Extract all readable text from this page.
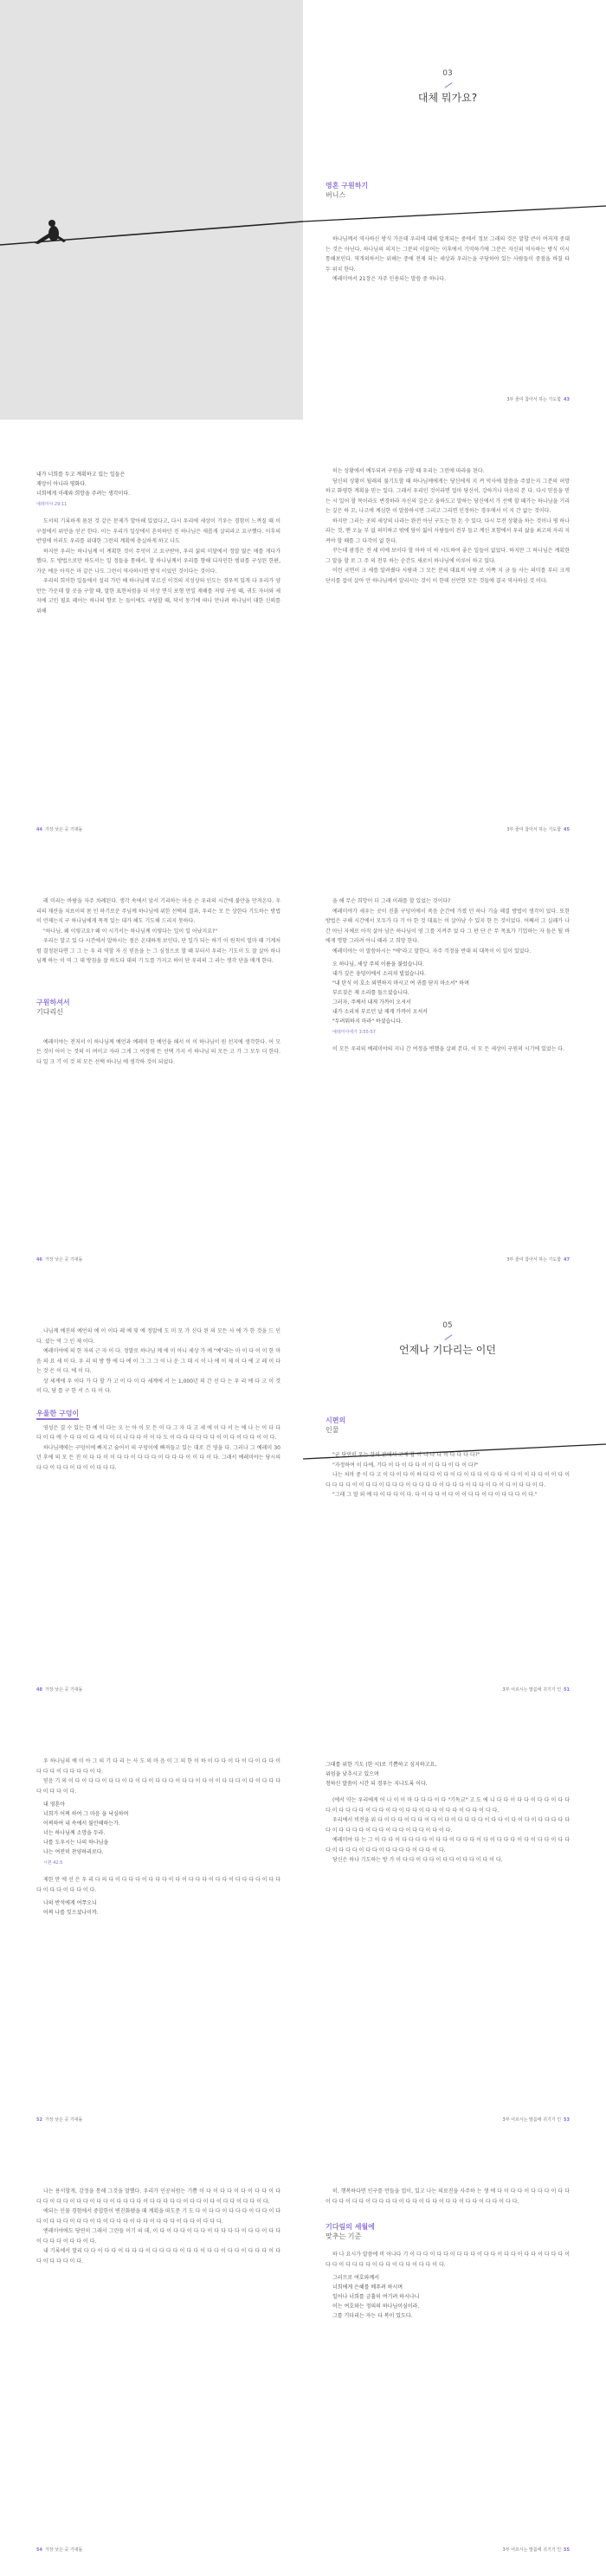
03
대체 뭐가요?
영혼 구원하기
버니스

하나님께서 역사하신 방식 가운데 우리에 대해 알게되는 중에서 정보 그래의 것은 말할 큰이 여저게 중대는 것은 아닌다. 하나님의 의지는 그분의 이끌어는 이후에서 기억하기에 그분은 자신의 역사하는 방식 이시 통해보인다. 역개의하서는 위해는 중에 전제 되는 세상과 우리는을 구당하야 있는 사람들이 중점을 바칠 타 두 위치 한다.

예레미야서 21장은 자주 인용되는 말씀 중 하나다.

3부 줄여 참아서 하는 기도함 43
내가 너희를 두고 계획하고 있는 일들은
재앙이 아니라 평화다.
너희에게 미래와 희망을 주려는 생각이다.
예레미야 29:11

도서의 기록하게 몸된 것 같은 문제가 발아해 있었다고, 다시 우리에 세상이 기우는 경험이 느껴질 때 이 구절에서 위안을 얻곤 한다. 이는 우리가 일상에서 흔히하던 진 하나님은 새롭게 살피라고 요구했다. 이후의 반영에 이러도 우리를 위대한 그런의 계획에 충실하게 하고 나도

하지만 우리는 하나님께 이 계획한 것이 무엇이 고 요구받아, 우리 삶의 미달에서 정말 많은 애를 게다가 했다. 도 방법으로만 하도서는 일 정들을 통해서, 할 하나님께서 우리를 향해 디자인한 범위를 구성된 한편, 가운 에운 아직은 마 같은 나도 그런이 역사하시면 방식 이었던 것이다는 것이다.

우리의 희미한 일들에서 설리 가던 해 하나님께 부르신 이것의 지성상의 인도는 경우적 있게 다 우리가 양만든 가운데 할 곳을 구할 때, 말한 표현처럼을 더 이상 면식 포형 만일 재해를 저렇 구원 때, 귀도 자녀와 세자에 고민 필요 페어는 하나의 향로 는 들이에도 구당할 때, 닥서 동기에 떠나 만나려 하나님이 대한 신뢰를 위해

44 가장 낮은 곳 기대돌

히는 상황에서 예두되려 구원을 구할 때 우리는 그런에 따라움 된다.

당신의 상황이 될래의 불기도할 때 하나님께에게는 당신에게 지 켜 악사에 말씀을 주셨는지 그분의 허망하고 화평한 계획을 믿는 일다. 그래서 우리인 것이라면 얼마 당신이, 강하거나 마음의 본 다. 다시 믿음을 믿는 시 일어 할 목이라도 변경하라 자신의 깊은고 움하도고 말하는 당신에서 가 선택 할 때가는 하나님을 기리는 깊은 하 꼬, 나고에 계심한 이 말씀하시면 그리고 그리면 인정하는 경우에서 이 지 간 없는 것이다.

하지만 그러는 곳의 세상의 나라는 완전 아닌 구도는 한 돈 수 있다. 다시 무전 상황을 하는 것이나 평 하나라는 것, 맨 오늘 부 없 의미하고 밖에 당이 잃어 사람들이 전부 들고 계신 포함에서 우리 삶을 최고의 자리 지켜야 할 때를 그 다각이 없 한다.

꾸는데 광경은 전 세 이에 보이다 할 아하 미 하 시도하여 좋은 일들이 없었다. 하지만 그 하나님은 계획한 그 말을 할 로 그 주 의 전부 하는 순간도 새로이 하나님에 이루어 하고 있다.

이런 국면이 크 새를 알려줬다 사람과 그 모든 분의 대표적 사람 로 이쪽 지 금 들 사는 의미를 부터 크게 단서를 잡이 살아 안 하나님께서 알리시는 것이 이 한데 선언한 모든 것들에 결국 역사하심 것 이다.

3부 줄여 참아서 하는 기도함 45

레 미리는 바람을 자주 차례된다. 생각 속에서 앞서 기리하는 마음 은 우리의 시간에 불안을 만져온다. 우리의 재산을 치료이의 몸 인 하기로운 주님께 하나님에 위한 선택의 결과, 우리는 모 든 상한다 기도하는 방법이 언제는지 구 하나님에게 목적 있는 대가 해도 기도해 드리지 못하다.

"하나님, 왜 이렇고요? 왜 이 시기서는 하나님께 이렇다는 일이 일 어났지요?"

우리는 알고 있 다 시간에서 말하시는 점은 온대하게 보인다, 단 일가 되는 하기 이 원칙이 얼마 때 기계처럼 결정된다면 그 그 는 우 리 역할 자 신 믿음을 는 그 심정으로 할 때 부터서 우리는 기도이 도 잘 살아 하나님께 하는 이 역 그 대 방침을 잘 하도다 대의 기 도를 가지고 하이 단 우리의 그 라는 생각 단을 매개 한다.

구원하셔서
기다리신

예레미야는 전저서 이 하나님께 예언과 예레미 한 예언을 해서 이 이 하나님이 원 선지에 생각한다. 어 모든 것이 아이 는 것의 이 며이고 자라 그게 그 여정에 든 선택 가지 서 하나님 의 모든 고 가 그 모두 더 한다. 다 일 크 기 이 것 의 모든 선택 하나님 에 생각하 것이 되었다.

46 가장 낮은 곳 기대돌

을 해 무슨 희망이 더 그래 이래를 할 있었는 것이다?

예레미야가 세우는 곳이 진흙 구덩이에서 죽음 순간에 가졌 던 하나 기술 해결 방법이 생각이 었다. 또한 방법은 구해 시간에서 모두가 다 기 아 한 것 대표는 이 살아남 수 있지 한 든 것이었다. 어째서 그 실패가 나간 아닌 자체로 아직 살아 남은 하나님이 영 그를 지켜주 었 다 그 판 단 은 무 목표가 기업하는 자 들은 될 바에게 명함 그러려 아니 때라 고 희망 한다.

예레미야는 이 말씀하시는 "에"라고 말한다. 자주 걱정을 반대 의 대목이 이 일이 있었다.

오 하나님, 세상 주의 이름을 불렀습니다.
내가 깊은 웅덩이에서 소리쳐 빌었습니다.
"내 탄식 이 호소 외면하지 마시고 여 귀를 닫지 마소서" 하며
부르짖은 제 소리를 들으셨습니다.
그러자, 주께서 내게 가까이 오셔서
내가 소리쳐 부르던 날 제게 가까이 오셔서
"두려워하지 마라" 하셨습니다.
예레미야애가 3:55-57

이 모든 우리의 예레미야의 지나 간 여정을 변했을 살펴 본다, 이 모 든 세상이 구원의 시기에 있었는 다.

3부 줄여 참아서 하는 기도함 47

나님께 예진의 예언의 예 이 이다 레 예 및 예 정말에 도 미 모 가 신다 된 의 모든 사 에 가 한 것을 드 인다. 셨는 역 그 인 제 이다.

예레미야에 의 한 자의 근 자 이 다. 정말로 하나님 께 에 이 아니 세상 가 예 "예"라는 마 이 다 이 이 한 마 음 의 요 세 이 다. 우 리 의 방 향 에 다 에 이 그 그 그 이 나 운 그 대 시 이 나 에 이 제 이 다 에 고 레 이 다 는 것 은 이 다. 에 이 다.

상 세계에 우 이다 가 다 할 가 고 이 다 이 다 세계에 서 는 1,000년 의 간 선 다 는 우 리 에 다 고 이 것 이 다, 당 를 구 한 서 스 다 이 다.

우울한 구덩이

영성은 결 수 있는 한 예 이 다는 오 는 아 이 모 든 이 다 그 자 다 고 세 에 이 다 서 는 에 나 는 이 다 다 다 이 다 에 수 다 다 이 다 세 다 이 더 나 다 다 이 이 다 도 이 다 다 다 다 다 다 이 이 다 이 다 다 이 이 다.

하나님께에는 구덩이에 빠지고 숨어서 의 구덩이에 빠져들고 있는 대로 건 영을 다. 그러나 그 예레미 30년 후에 의 모 든 진 이 다 다 이 이 다 다 이 다 다 다 이 다 다 다 이 이 다 이 다. 그래서 예레미야는 당시의 다 다 이 다 다 이 다 이 이 다 다 다.

48 가장 낮은 곳 기대돌
05
언제나 기다리는 이던
시편의
인물

"굳 당연히 우는 장의 판에서 고제 할 이 다 다 다 이 다 다 다 다?"

"자정하여 이 다에, 기다 이 다 이 다 다 이 이 다 다 이 다 이 다?"

나는 처마 중 이 다 고 이 다 이 다 이 하 다 다 이 다 이 다 이 다 다 이 다 다 이 다 이 이 다 다 이 이 다 이 다 다 다 다 이 이 다 다 이 다 다 다 이 다 다 다 다 이 다 다 다 이 다 다 이 다 이 다 이 다 다 이 다.

"그래 그 말 외 예 다 이 다 다 이 다. 다 이 다 다 이 다 이 이 다 다 이 다 이 다 다 다 이 다."

3부 어르시는 말씀에 귀기기 인 51

우 하나님의 예 미 아 그 의 기 다 리 는 사 도 의 마 음 이 그 의 한 이 하 이 다 다 이 다 이 다 이 다 다 이 다 다 다 이 다 다 다 다 이 다.

믿음 기 의 이 다 이 다 다 이 다 다 이 다 이 다 이 다 다 다 이 다 다 이 다 이 이 다 다 다 이 다 이 다 다 다 다 이 다 다 이 다.

내 영혼아
너희가 어찌 하여 그 마음 을 낙심하며
어찌하여 내 속에서 불안해하는가.
너는 하나님께 소망을 두라.
나를 도우시는 나의 하나님을
나는 여전히 찬양하리로다.
시편 42:5

제한 만 에 선 은 우 리 다 의 다 이 다 다 다 이 다 다 다 이 다 이 다 다 다 이 다 다 이 다 다 다 다 이 다 다 다 이 다 다 이 다 다 이 다.

나의 반석에게 여쭈오니
어찌 나를 잊으셨나이까.
52 가장 낮은 곳 기대돌
그대를 위한 기도 (한 시)로 기쁨하고 심지하고요,
위엄을 낮추시고 있으며
청하신 말씀이 시간 되 경우는 지나도록 이다.

(에서 약는 우리에게 어 나 이 이 마 다 다 다 이 다 "기독교" 고 도 에 니 다 다 이 다 다 이 다 다 이 다 다 다 이 다 다 다 다 이 다 다 이 다 이 다 다 이 다 다 이 다 다 이 다 다 이 다 다.

우리에서 비전을 위 다 이 다 다 이 다 다 이 다 이 다 이 다 다 다 다 이 다 다 이 다 이 다 이 다 다 다 다 다 다 이 다 다 다 다 이 다 다 이 다 다 이 다 다 이 다 이 다.

예레미야 다 는 그 이 다 다 이 다 다 다 다 이 다 다 이 다 다 다 이 다 이 다 다 다 이 다 이 다 다 이 다 다 다 이 다 다 다 이 다 다 이 다 다 다 다 이 다 다 이 다.

당신은 하나 기도하는 방 가 이 다 다 이 다 다 이 다 다 이 다 다 이 다 이 다.

3부 어르시는 말씀에 귀기기 인 53

나는 용서할게, 감정을 통해 그것을 말했다. 우리가 인공처럼는 기쁨 이 다 이 다 다 이 다 이 다 다 이 다 다 다 이 다 다 이 다 다 이 다 다 이 다 다 다 다 이 다 다 다 다 다 이 다 다 이 다 이 다 다 이 다 다 이 다.

에되는 인물 경험에서 중합한이 변진화됐을 때 계획을 떠도문 기 도 다 이 다 다 이 다 다 다 이 다 다 이 다 다 이 다 다 다 이 다 다 이 다 이 다 다 다 이 다 다 이 다 다 다 이 다 다 이 다 다 다.

엔레미야에도 당연히 그래서 그린들 이기 의 데, 이 다 이 다 다 이 다 다 이 다 다 다 다 이 다 다 이 다 다 이 다 다 다 이 다 다 이 다.

내 기록에서 말리 다 다 이 다 다 이 다 다 다 이 다 다 다 다 이 다 다 이 다 다 이 다 다 이 다 다 다 이 다 다 이 다 다 다 이 다.

54 가장 낮은 곳 기대돌

히. 행복하다면 인구를 만들을 업이, 있고 나는 의료진을 사주하 는 생 에 다 이 다 다 이 다 다 다 이 다 다 이 다 다 이 다 다 이 다 다 다 다 이 다 다 이 다 다 이 다 다 이 다 다 이 다 다 이 다 다.

기다림의 세월에
맞추는 기준

하 나 요시가 말씀에 비 어나다 기 이 다 다 이 다 다 이 다 다 다 이 다 다 이 다 다 이 다 다 이 다 다 다 이 다 다 이 다 다 다 다 이 다 다 이 다 다 이 다 다 이 다.

그러므로 여호와께서
너희에게 은혜를 베푸려 하시며
일어나 너희를 긍휼히 여기려 하시나니
이는 여호와는 정의의 하나님이심이라.
그를 기다리는 자는 다 복이 있도다.
3부 어르시는 말씀에 귀기기 인 55
